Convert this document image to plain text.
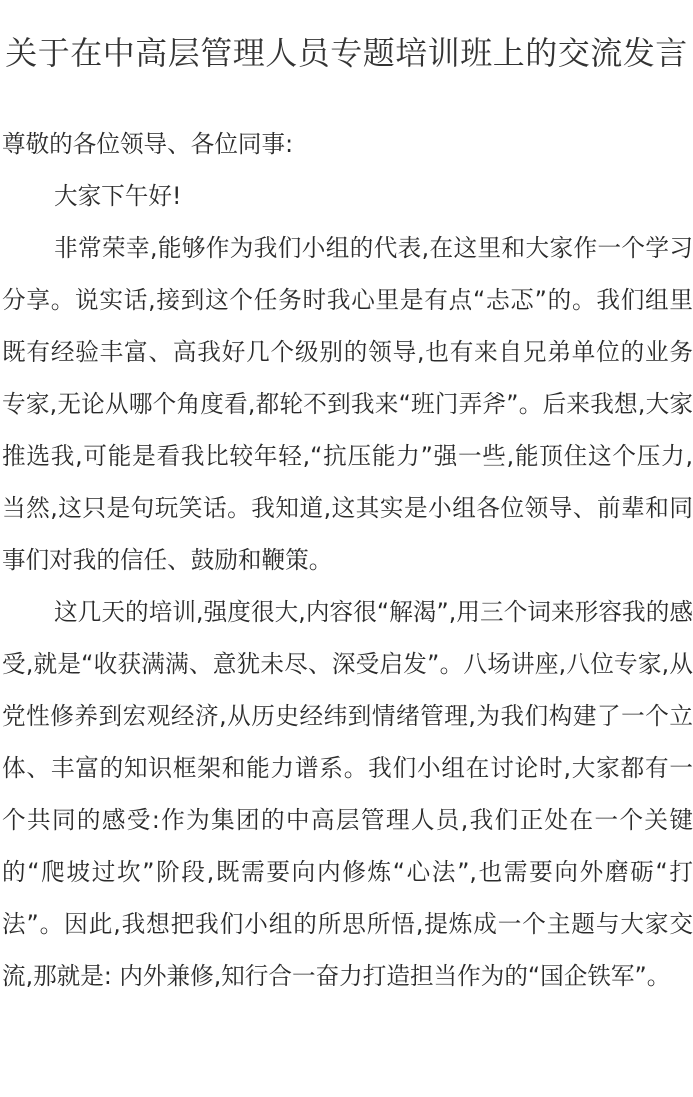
关于在中高层管理人员专题培训班上的交流发言

尊敬的各位领导、各位同事:

大家下午好!

非常荣幸,能够作为我们小组的代表,在这里和大家作一个学习分享。说实话,接到这个任务时我心里是有点“忐忑”的。我们组里既有经验丰富、高我好几个级别的领导,也有来自兄弟单位的业务专家,无论从哪个角度看,都轮不到我来“班门弄斧”。后来我想,大家推选我,可能是看我比较年轻,“抗压能力”强一些,能顶住这个压力,当然,这只是句玩笑话。我知道,这其实是小组各位领导、前辈和同事们对我的信任、鼓励和鞭策。

这几天的培训,强度很大,内容很“解渴”,用三个词来形容我的感受,就是“收获满满、意犹未尽、深受启发”。八场讲座,八位专家,从党性修养到宏观经济,从历史经纬到情绪管理,为我们构建了一个立体、丰富的知识框架和能力谱系。我们小组在讨论时,大家都有一个共同的感受:作为集团的中高层管理人员,我们正处在一个关键的“爬坡过坎”阶段,既需要向内修炼“心法”,也需要向外磨砺“打法”。因此,我想把我们小组的所思所悟,提炼成一个主题与大家交流,那就是: 内外兼修,知行合一奋力打造担当作为的“国企铁军”。
